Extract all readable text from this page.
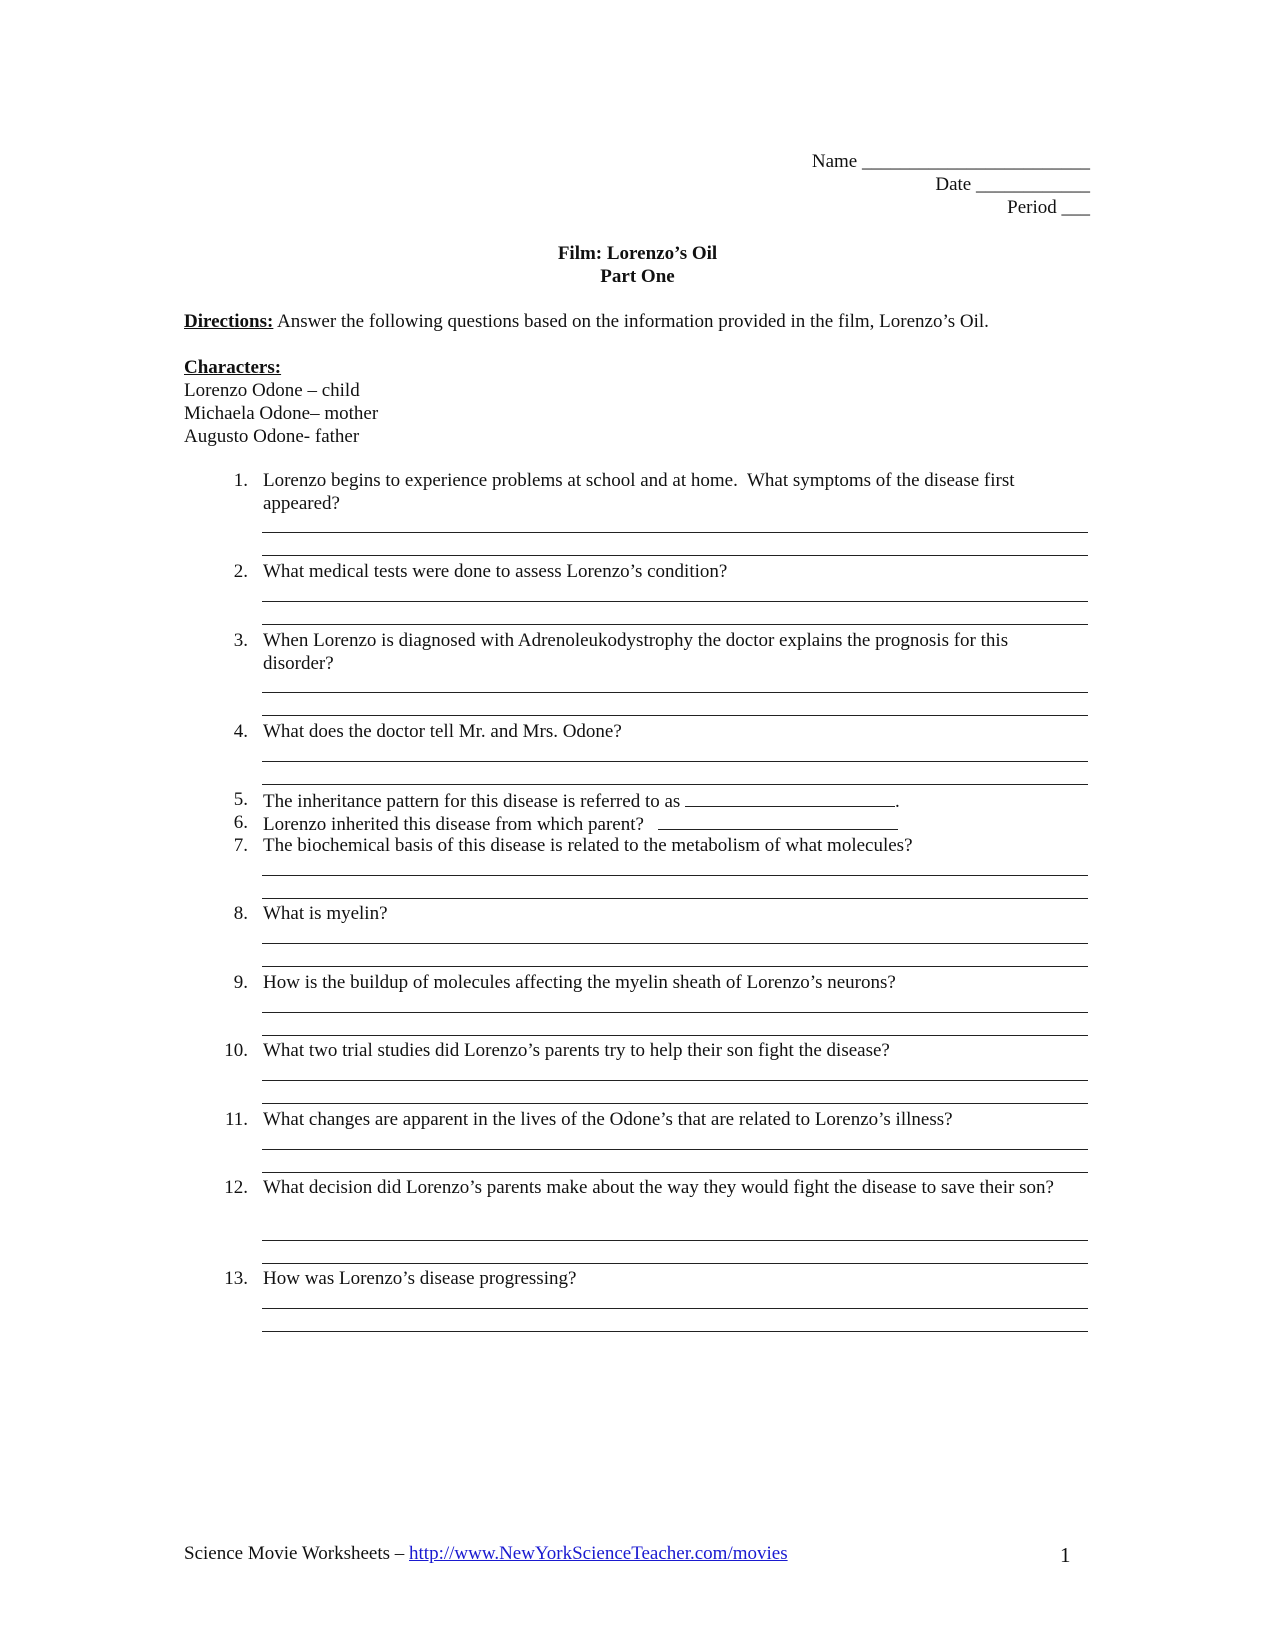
Name ________________________
Date ____________
Period ___
Film: Lorenzo’s Oil
Part One
Directions: Answer the following questions based on the information provided in the film, Lorenzo’s Oil.
Characters:
Lorenzo Odone – child
Michaela Odone– mother
Augusto Odone- father
1. Lorenzo begins to experience problems at school and at home.  What symptoms of the disease first appeared?
2. What medical tests were done to assess Lorenzo’s condition?
3. When Lorenzo is diagnosed with Adrenoleukodystrophy the doctor explains the prognosis for this disorder?
4. What does the doctor tell Mr. and Mrs. Odone?
5. The inheritance pattern for this disease is referred to as	.
6. Lorenzo inherited this disease from which parent?
7. The biochemical basis of this disease is related to the metabolism of what molecules?
8. What is myelin?
9. How is the buildup of molecules affecting the myelin sheath of Lorenzo’s neurons?
10. What two trial studies did Lorenzo’s parents try to help their son fight the disease?
11. What changes are apparent in the lives of the Odone’s that are related to Lorenzo’s illness?
12. What decision did Lorenzo’s parents make about the way they would fight the disease to save their son?
13. How was Lorenzo’s disease progressing?
Science Movie Worksheets – http://www.NewYorkScienceTeacher.com/movies	1
